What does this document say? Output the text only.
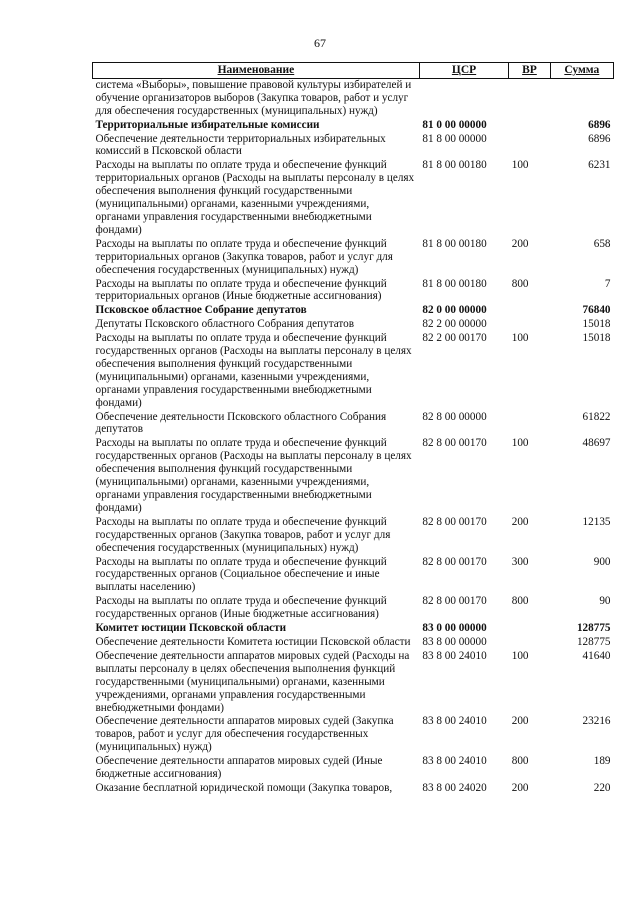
67
Наименование	ЦСР	ВР	Сумма
система «Выборы», повышение правовой культуры избирателей и обучение организаторов выборов (Закупка товаров, работ и услуг для обеспечения государственных (муниципальных) нужд)			
Территориальные избирательные комиссии	81 0 00 00000		6896
Обеспечение деятельности территориальных избирательных комиссий в Псковской области	81 8 00 00000		6896
Расходы на выплаты по оплате труда и обеспечение функций территориальных органов (Расходы на выплаты персоналу в целях обеспечения выполнения функций государственными (муниципальными) органами, казенными учреждениями, органами управления государственными внебюджетными фондами)	81 8 00 00180	100	6231
Расходы на выплаты по оплате труда и обеспечение функций территориальных органов (Закупка товаров, работ и услуг для обеспечения государственных (муниципальных) нужд)	81 8 00 00180	200	658
Расходы на выплаты по оплате труда и обеспечение функций территориальных органов (Иные бюджетные ассигнования)	81 8 00 00180	800	7
Псковское областное Собрание депутатов	82 0 00 00000		76840
Депутаты Псковского областного Собрания депутатов	82 2 00 00000		15018
Расходы на выплаты по оплате труда и обеспечение функций государственных органов (Расходы на выплаты персоналу в целях обеспечения выполнения функций государственными (муниципальными) органами, казенными учреждениями, органами управления государственными внебюджетными фондами)	82 2 00 00170	100	15018
Обеспечение деятельности Псковского областного Собрания депутатов	82 8 00 00000		61822
Расходы на выплаты по оплате труда и обеспечение функций государственных органов (Расходы на выплаты персоналу в целях обеспечения выполнения функций государственными (муниципальными) органами, казенными учреждениями, органами управления государственными внебюджетными фондами)	82 8 00 00170	100	48697
Расходы на выплаты по оплате труда и обеспечение функций государственных органов (Закупка товаров, работ и услуг для обеспечения государственных (муниципальных) нужд)	82 8 00 00170	200	12135
Расходы на выплаты по оплате труда и обеспечение функций государственных органов (Социальное обеспечение и иные выплаты населению)	82 8 00 00170	300	900
Расходы на выплаты по оплате труда и обеспечение функций государственных органов (Иные бюджетные ассигнования)	82 8 00 00170	800	90
Комитет юстиции Псковской области	83 0 00 00000		128775
Обеспечение деятельности Комитета юстиции Псковской области	83 8 00 00000		128775
Обеспечение деятельности аппаратов мировых судей (Расходы на выплаты персоналу в целях обеспечения выполнения функций государственными (муниципальными) органами, казенными учреждениями, органами управления государственными внебюджетными фондами)	83 8 00 24010	100	41640
Обеспечение деятельности аппаратов мировых судей (Закупка товаров, работ и услуг для обеспечения государственных (муниципальных) нужд)	83 8 00 24010	200	23216
Обеспечение деятельности аппаратов мировых судей (Иные бюджетные ассигнования)	83 8 00 24010	800	189
Оказание бесплатной юридической помощи (Закупка товаров,	83 8 00 24020	200	220
